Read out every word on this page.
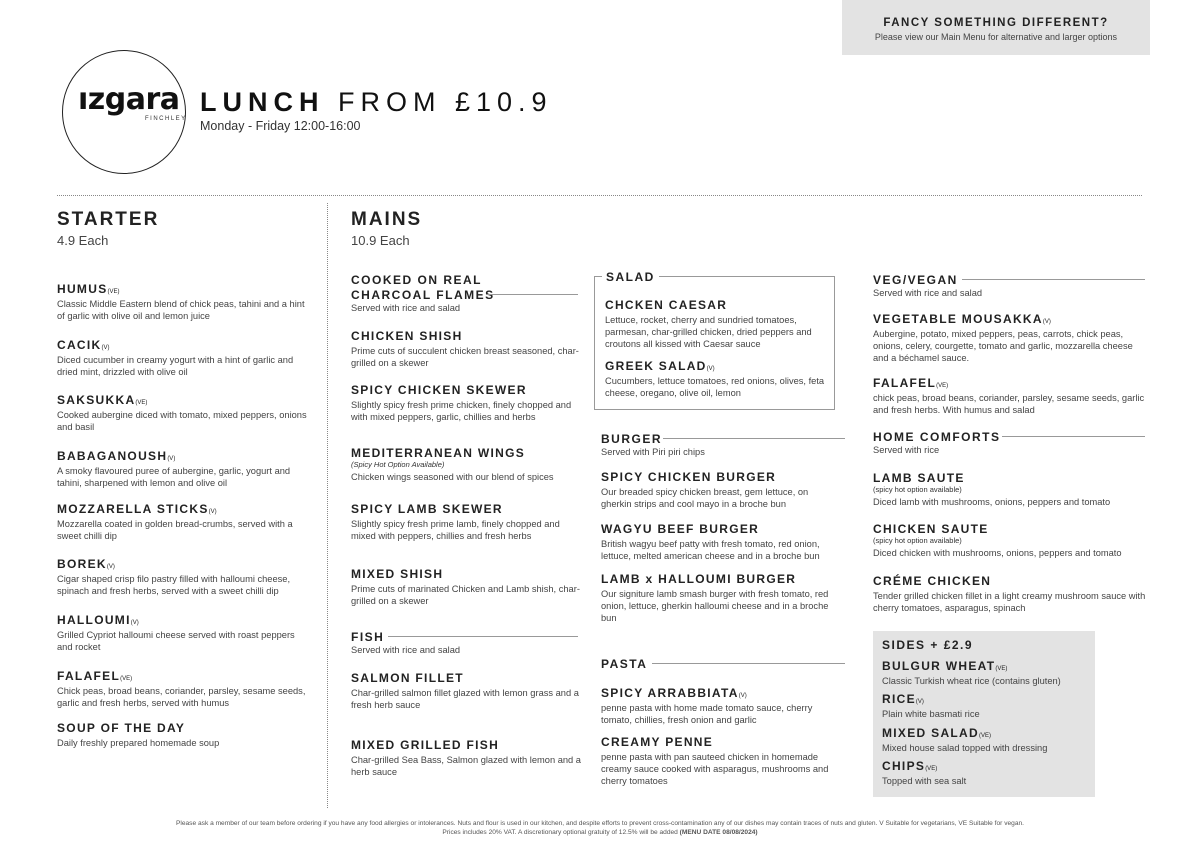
FANCY SOMETHING DIFFERENT?
Please view our Main Menu for alternative and larger options
ızgara
FINCHLEY
LUNCH FROM £10.9
Monday - Friday 12:00-16:00
STARTER
4.9 Each
MAINS
10.9 Each
COOKED ON REAL
CHARCOAL FLAMES
Served with rice and salad
FISH
Served with rice and salad
SALAD
BURGER
Served with Piri piri chips
PASTA
VEG/VEGAN
Served with rice and salad
HOME COMFORTS
Served with rice
SIDES + £2.9
HUMUS(VE)
Classic Middle Eastern blend of chick peas, tahini and a hint of garlic with olive oil and lemon juice
CACIK(V)
Diced cucumber in creamy yogurt with a hint of garlic and dried mint, drizzled with olive oil
SAKSUKKA(VE)
Cooked aubergine diced with tomato, mixed peppers, onions and basil
BABAGANOUSH(V)
A smoky flavoured puree of aubergine, garlic, yogurt and tahini, sharpened with lemon and olive oil
MOZZARELLA STICKS(V)
Mozzarella coated in golden bread-crumbs, served with a sweet chilli dip
BOREK(V)
Cigar shaped crisp filo pastry filled with halloumi cheese, spinach and fresh herbs, served with a sweet chilli dip
HALLOUMI(V)
Grilled Cypriot halloumi cheese served with roast peppers and rocket
FALAFEL(VE)
Chick peas, broad beans, coriander, parsley, sesame seeds, garlic and fresh herbs, served with humus
SOUP OF THE DAY
Daily freshly prepared homemade soup
CHICKEN SHISH
Prime cuts of succulent chicken breast seasoned, char-grilled on a skewer
SPICY CHICKEN SKEWER
Slightly spicy fresh prime chicken, finely chopped and with mixed peppers, garlic, chillies and herbs
MEDITERRANEAN WINGS
(Spicy Hot Option Available)
Chicken wings seasoned with our blend of spices
SPICY LAMB SKEWER
Slightly spicy fresh prime lamb, finely chopped and mixed with peppers, chillies and fresh herbs
MIXED SHISH
Prime cuts of marinated Chicken and Lamb shish, char-grilled on a skewer
SALMON FILLET
Char-grilled salmon fillet glazed with lemon grass and a fresh herb sauce
MIXED GRILLED FISH
Char-grilled Sea Bass, Salmon glazed with lemon and a herb sauce
CHCKEN CAESAR
Lettuce, rocket, cherry and sundried tomatoes, parmesan, char-grilled chicken, dried peppers and croutons all kissed with Caesar sauce
GREEK SALAD(V)
Cucumbers, lettuce tomatoes, red onions, olives, feta cheese, oregano, olive oil, lemon
SPICY CHICKEN BURGER
Our breaded spicy chicken breast, gem lettuce, on gherkin strips and cool mayo in a broche bun
WAGYU BEEF BURGER
British wagyu beef patty with fresh tomato, red onion, lettuce, melted american cheese and in a broche bun
LAMB x HALLOUMI BURGER
Our signiture lamb smash burger with fresh tomato, red onion, lettuce, gherkin halloumi cheese and in a broche bun
SPICY ARRABBIATA(V)
penne pasta with home made tomato sauce, cherry tomato, chillies, fresh onion and garlic
CREAMY PENNE
penne pasta with pan sauteed chicken in homemade creamy sauce cooked with asparagus, mushrooms and cherry tomatoes
VEGETABLE MOUSAKKA(V)
Aubergine, potato, mixed peppers, peas, carrots, chick peas, onions, celery, courgette, tomato and garlic, mozzarella cheese and a béchamel sauce.
FALAFEL(VE)
chick peas, broad beans, coriander, parsley, sesame seeds, garlic and fresh herbs. With humus and salad
LAMB SAUTE
(spicy hot option available)
Diced lamb with mushrooms, onions, peppers and tomato
CHICKEN SAUTE
(spicy hot option available)
Diced chicken with mushrooms, onions, peppers and tomato
CRÉME CHICKEN
Tender grilled chicken fillet in a light creamy mushroom sauce with cherry tomatoes, asparagus, spinach
BULGUR WHEAT(VE)
Classic Turkish wheat rice (contains gluten)
RICE(V)
Plain white basmati rice
MIXED SALAD(VE)
Mixed house salad topped with dressing
CHIPS(VE)
Topped with sea salt
Please ask a member of our team before ordering if you have any food allergies or intolerances. Nuts and flour is used in our kitchen, and despite efforts to prevent cross-contamination any of our dishes may contain traces of nuts and gluten. V Suitable for vegetarians, VE Suitable for vegan.
Prices includes 20% VAT. A discretionary optional gratuity of 12.5% will be added (MENU DATE 08/08/2024)
